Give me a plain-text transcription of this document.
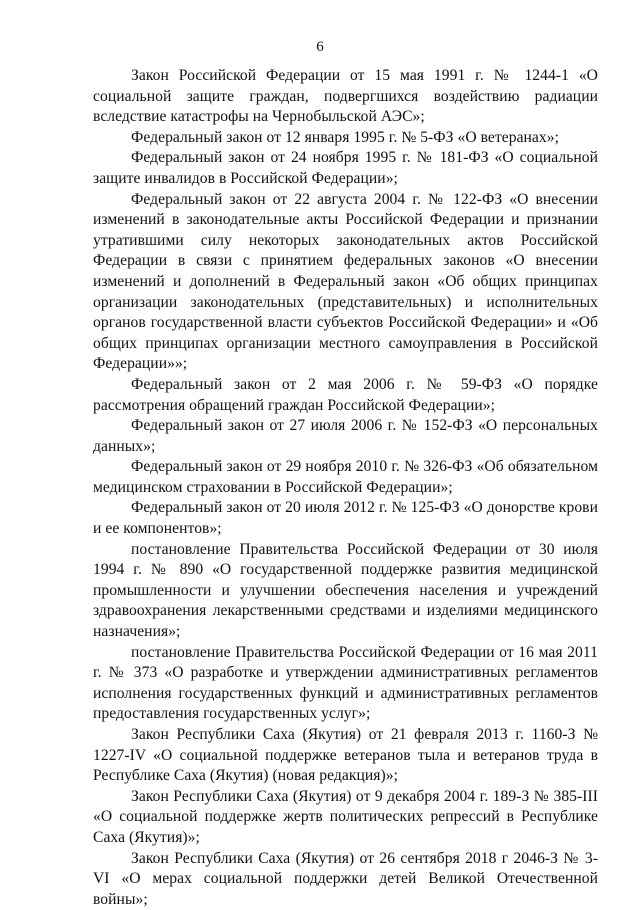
6

Закон Российской Федерации от 15 мая 1991 г. № 1244-1 «О социальной защите граждан, подвергшихся воздействию радиации вследствие катастрофы на Чернобыльской АЭС»;

Федеральный закон от 12 января 1995 г. № 5-ФЗ «О ветеранах»;

Федеральный закон от 24 ноября 1995 г. № 181-ФЗ «О социальной защите инвалидов в Российской Федерации»;

Федеральный закон от 22 августа 2004 г. № 122-ФЗ «О внесении изменений в законодательные акты Российской Федерации и признании утратившими силу некоторых законодательных актов Российской Федерации в связи с принятием федеральных законов «О внесении изменений и дополнений в Федеральный закон «Об общих принципах организации законодательных (представительных) и исполнительных органов государственной власти субъектов Российской Федерации» и «Об общих принципах организации местного самоуправления в Российской Федерации»»;

Федеральный закон от 2 мая 2006 г. № 59-ФЗ «О порядке рассмотрения обращений граждан Российской Федерации»;

Федеральный закон от 27 июля 2006 г. № 152-ФЗ «О персональных данных»;

Федеральный закон от 29 ноября 2010 г. № 326-ФЗ «Об обязательном медицинском страховании в Российской Федерации»;

Федеральный закон от 20 июля 2012 г. № 125-ФЗ «О донорстве крови и ее компонентов»;

постановление Правительства Российской Федерации от 30 июля 1994 г. № 890 «О государственной поддержке развития медицинской промышленности и улучшении обеспечения населения и учреждений здравоохранения лекарственными средствами и изделиями медицинского назначения»;

постановление Правительства Российской Федерации от 16 мая 2011 г. № 373 «О разработке и утверждении административных регламентов исполнения государственных функций и административных регламентов предоставления государственных услуг»;

Закон Республики Саха (Якутия) от 21 февраля 2013 г. 1160-З № 1227-IV «О социальной поддержке ветеранов тыла и ветеранов труда в Республике Саха (Якутия) (новая редакция)»;

Закон Республики Саха (Якутия) от 9 декабря 2004 г. 189-З № 385-III «О социальной поддержке жертв политических репрессий в Республике Саха (Якутия)»;

Закон Республики Саха (Якутия) от 26 сентября 2018 г 2046-З № 3-VI «О мерах социальной поддержки детей Великой Отечественной войны»;
